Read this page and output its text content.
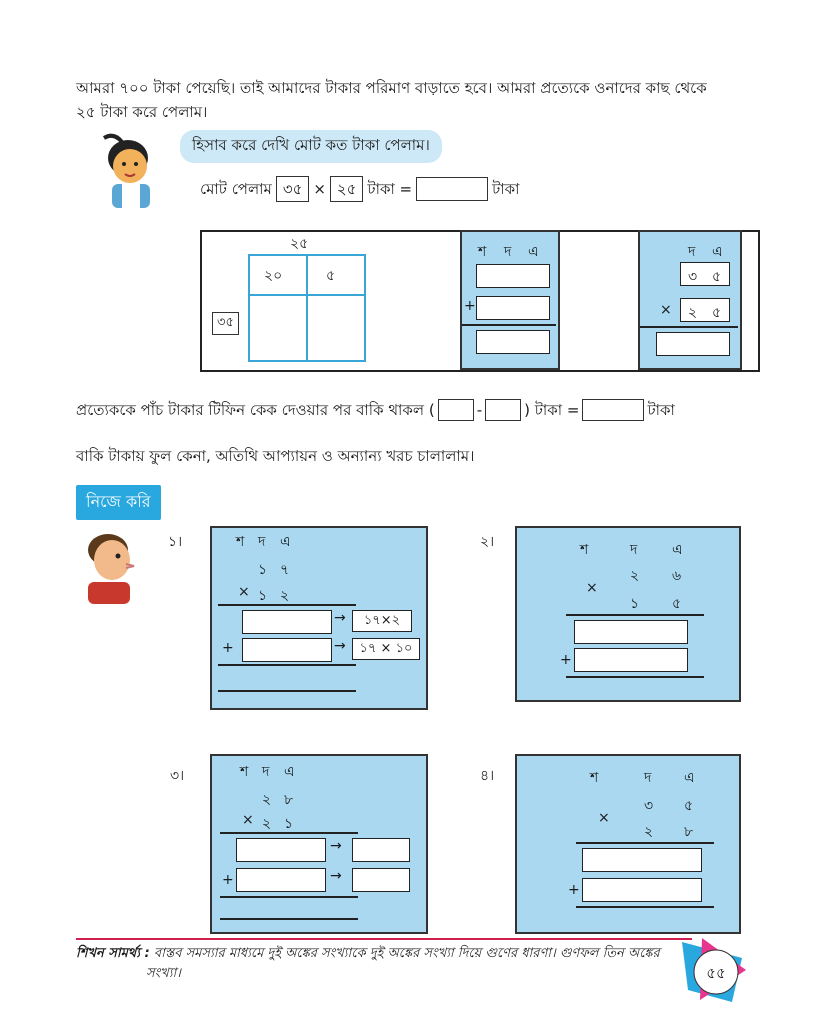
আমরা ৭০০ টাকা পেয়েছি। তাই আমাদের টাকার পরিমাণ বাড়াতে হবে। আমরা প্রত্যেকে ওনাদের কাছ থেকে
২৫ টাকা করে পেলাম।
হিসাব করে দেখি মোট কত টাকা পেলাম।
মোট পেলাম ৩৫ × ২৫ টাকা =	টাকা
২৫
২০	৫
৩৫
শ দ এ
+
দ এ
৩ ৫
× ২ ৫
প্রত্যেককে পাঁচ টাকার টিফিন কেক দেওয়ার পর বাকি থাকল (	-	) টাকা =	টাকা
বাকি টাকায় ফুল কেনা, অতিথি আপ্যায়ন ও অন্যান্য খরচ চালালাম।
নিজে করি
১।	শ দ এ
১ ৭
× ১ ২
→	১৭×২
+	→	১৭ × ১০
২।	শ	দ এ
২ ৬
×
১ ৫
+
৩।	শ দ এ
২ ৮
× ২ ১
→
+	→
৪।	শ	দ এ
৩ ৫
×
২ ৮
+
শিখন সামর্থ্য : বাস্তব সমস্যার মাধ্যমে দুই অঙ্কের সংখ্যাকে দুই অঙ্কের সংখ্যা দিয়ে গুণের ধারণা। গুণফল তিন অঙ্কের
সংখ্যা।	৫৫
